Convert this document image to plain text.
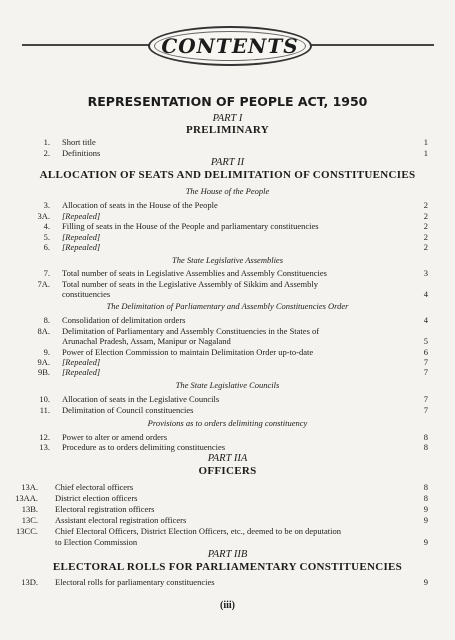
CONTENTS
REPRESENTATION OF PEOPLE ACT, 1950
PART I
PRELIMINARY
1. Short title	1
2. Definitions	1
PART II
ALLOCATION OF SEATS AND DELIMITATION OF CONSTITUENCIES
The House of the People
3. Allocation of seats in the House of the People	2
3A. [Repealed]	2
4. Filling of seats in the House of the People and parliamentary constituencies	2
5. [Repealed]	2
6. [Repealed]	2
The State Legislative Assemblies
7. Total number of seats in Legislative Assemblies and Assembly Constituencies	3
7A. Total number of seats in the Legislative Assembly of Sikkim and Assembly
constituencies	4
The Delimitation of Parliamentary and Assembly Constituencies Order
8. Consolidation of delimitation orders	4
8A. Delimitation of Parliamentary and Assembly Constituencies in the States of
Arunachal Pradesh, Assam, Manipur or Nagaland	5
9. Power of Election Commission to maintain Delimitation Order up-to-date	6
9A. [Repealed]	7
9B. [Repealed]	7
The State Legislative Councils
10. Allocation of seats in the Legislative Councils	7
11. Delimitation of Council constituencies	7
Provisions as to orders delimiting constituency
12. Power to alter or amend orders	8
13. Procedure as to orders delimiting constituencies	8
PART IIA
OFFICERS
13A. Chief electoral officers	8
13AA. District election officers	8
13B. Electoral registration officers	9
13C. Assistant electoral registration officers	9
13CC. Chief Electoral Officers, District Election Officers, etc., deemed to be on deputation
to Election Commission	9
PART IIB
ELECTORAL ROLLS FOR PARLIAMENTARY CONSTITUENCIES
13D. Electoral rolls for parliamentary constituencies	9
(iii)
